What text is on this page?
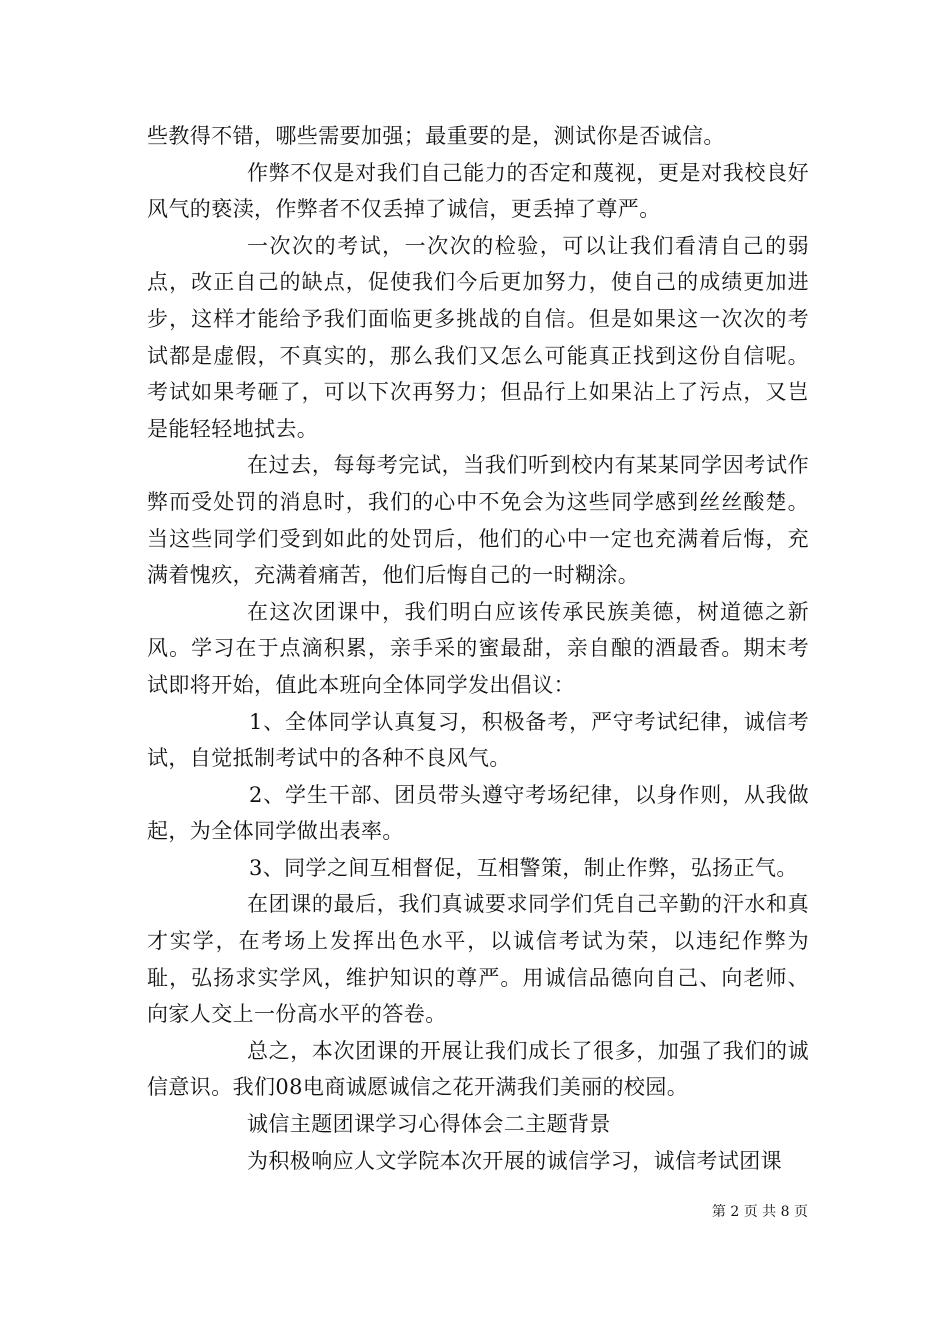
些教得不错，哪些需要加强；最重要的是，测试你是否诚信。

作弊不仅是对我们自己能力的否定和蔑视，更是对我校良好风气的亵渎，作弊者不仅丢掉了诚信，更丢掉了尊严。

一次次的考试，一次次的检验，可以让我们看清自己的弱点，改正自己的缺点，促使我们今后更加努力，使自己的成绩更加进步，这样才能给予我们面临更多挑战的自信。但是如果这一次次的考试都是虚假，不真实的，那么我们又怎么可能真正找到这份自信呢。考试如果考砸了，可以下次再努力；但品行上如果沾上了污点，又岂是能轻轻地拭去。

在过去，每每考完试，当我们听到校内有某某同学因考试作弊而受处罚的消息时，我们的心中不免会为这些同学感到丝丝酸楚。当这些同学们受到如此的处罚后，他们的心中一定也充满着后悔，充满着愧疚，充满着痛苦，他们后悔自己的一时糊涂。

在这次团课中，我们明白应该传承民族美德，树道德之新风。学习在于点滴积累，亲手采的蜜最甜，亲自酿的酒最香。期末考试即将开始，值此本班向全体同学发出倡议：

1、全体同学认真复习，积极备考，严守考试纪律，诚信考试，自觉抵制考试中的各种不良风气。

2、学生干部、团员带头遵守考场纪律，以身作则，从我做起，为全体同学做出表率。

3、同学之间互相督促，互相警策，制止作弊，弘扬正气。

在团课的最后，我们真诚要求同学们凭自己辛勤的汗水和真才实学，在考场上发挥出色水平，以诚信考试为荣，以违纪作弊为耻，弘扬求实学风，维护知识的尊严。用诚信品德向自己、向老师、向家人交上一份高水平的答卷。

总之，本次团课的开展让我们成长了很多，加强了我们的诚信意识。我们08电商诚愿诚信之花开满我们美丽的校园。

诚信主题团课学习心得体会二主题背景

为积极响应人文学院本次开展的诚信学习，诚信考试团课

第 2 页 共 8 页
